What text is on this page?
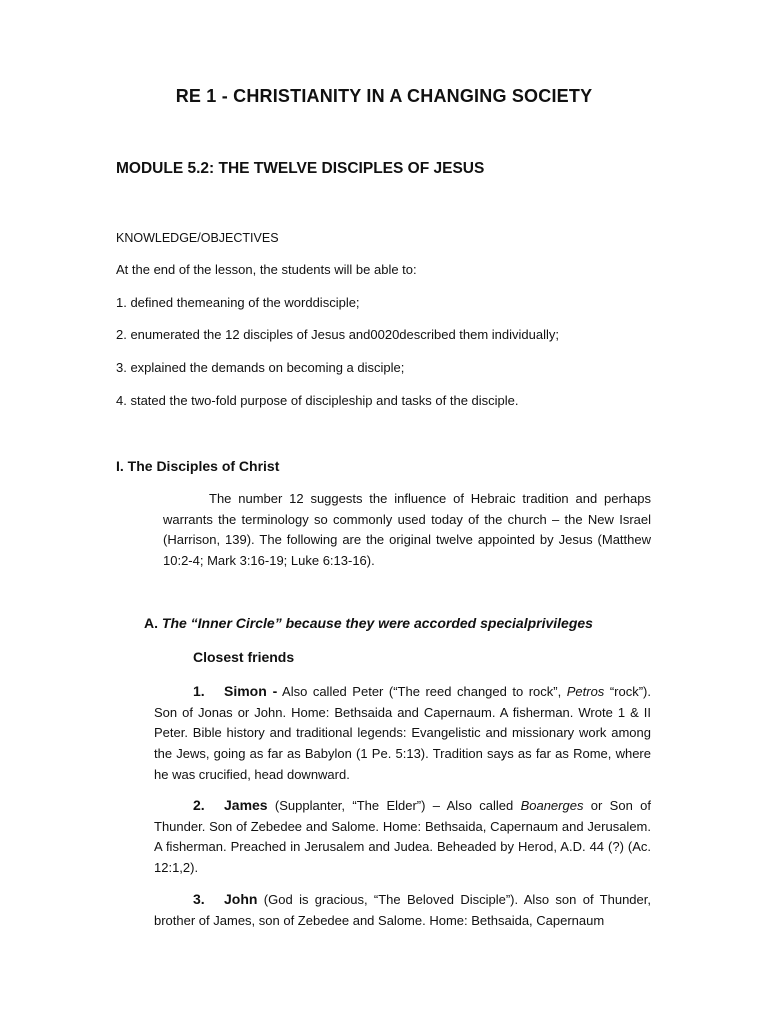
RE 1 - CHRISTIANITY IN A CHANGING SOCIETY
MODULE 5.2: THE TWELVE DISCIPLES OF JESUS
KNOWLEDGE/OBJECTIVES
At the end of the lesson, the students will be able to:
1. defined themeaning of the worddisciple;
2. enumerated the 12 disciples of Jesus and0020described them individually;
3. explained the demands on becoming a disciple;
4. stated the two-fold purpose of discipleship and tasks of the disciple.
I. The Disciples of Christ
The number 12 suggests the influence of Hebraic tradition and perhaps warrants the terminology so commonly used today of the church – the New Israel (Harrison, 139). The following are the original twelve appointed by Jesus (Matthew 10:2-4; Mark 3:16-19; Luke 6:13-16).
A. The “Inner Circle” because they were accorded specialprivileges
Closest friends
1. Simon - Also called Peter (“The reed changed to rock”, Petros “rock”). Son of Jonas or John. Home: Bethsaida and Capernaum. A fisherman. Wrote 1 & II Peter. Bible history and traditional legends: Evangelistic and missionary work among the Jews, going as far as Babylon (1 Pe. 5:13). Tradition says as far as Rome, where he was crucified, head downward.
2. James (Supplanter, “The Elder”) – Also called Boanerges or Son of Thunder. Son of Zebedee and Salome. Home: Bethsaida, Capernaum and Jerusalem. A fisherman. Preached in Jerusalem and Judea. Beheaded by Herod, A.D. 44 (?) (Ac. 12:1,2).
3. John (God is gracious, “The Beloved Disciple”). Also son of Thunder, brother of James, son of Zebedee and Salome. Home: Bethsaida, Capernaum
